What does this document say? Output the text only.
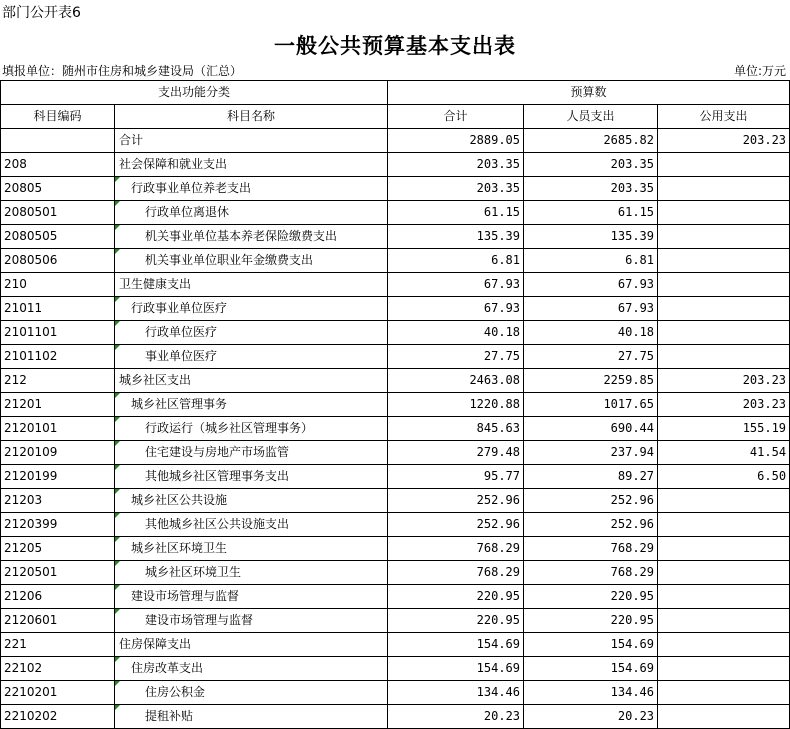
部门公开表6
一般公共预算基本支出表
填报单位：随州市住房和城乡建设局（汇总）	单位:万元
支出功能分类		预算数		
科目编码	科目名称	合计	人员支出	公用支出
	合计	2889.05	2685.82	203.23
208	社会保障和就业支出	203.35	203.35	
20805	行政事业单位养老支出	203.35	203.35	
2080501	行政单位离退休	61.15	61.15	
2080505	机关事业单位基本养老保险缴费支出	135.39	135.39	
2080506	机关事业单位职业年金缴费支出	6.81	6.81	
210	卫生健康支出	67.93	67.93	
21011	行政事业单位医疗	67.93	67.93	
2101101	行政单位医疗	40.18	40.18	
2101102	事业单位医疗	27.75	27.75	
212	城乡社区支出	2463.08	2259.85	203.23
21201	城乡社区管理事务	1220.88	1017.65	203.23
2120101	行政运行（城乡社区管理事务）	845.63	690.44	155.19
2120109	住宅建设与房地产市场监管	279.48	237.94	41.54
2120199	其他城乡社区管理事务支出	95.77	89.27	6.50
21203	城乡社区公共设施	252.96	252.96	
2120399	其他城乡社区公共设施支出	252.96	252.96	
21205	城乡社区环境卫生	768.29	768.29	
2120501	城乡社区环境卫生	768.29	768.29	
21206	建设市场管理与监督	220.95	220.95	
2120601	建设市场管理与监督	220.95	220.95	
221	住房保障支出	154.69	154.69	
22102	住房改革支出	154.69	154.69	
2210201	住房公积金	134.46	134.46	
2210202	提租补贴	20.23	20.23	
